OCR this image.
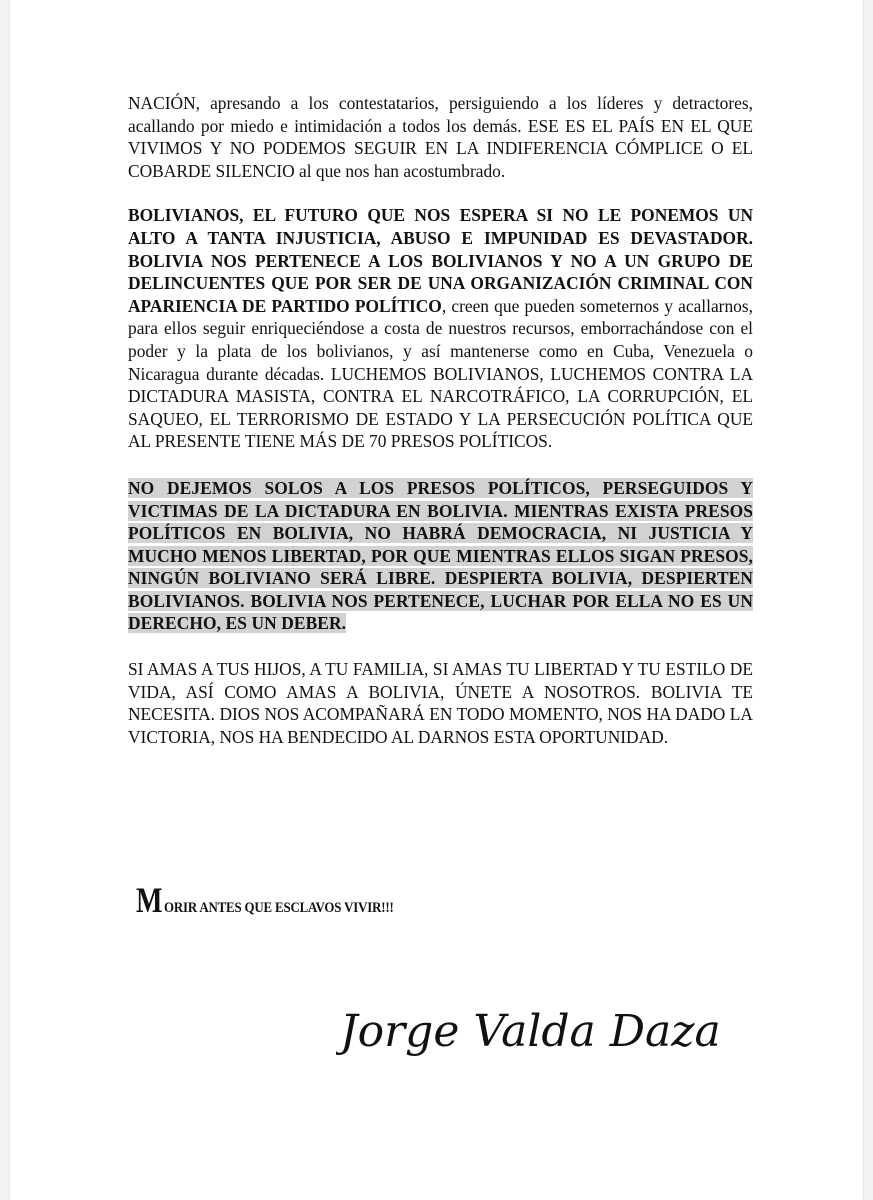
NACIÓN, apresando a los contestatarios, persiguiendo a los líderes y detractores, acallando por miedo e intimidación a todos los demás. ESE ES EL PAÍS EN EL QUE VIVIMOS Y NO PODEMOS SEGUIR EN LA INDIFERENCIA CÓMPLICE O EL COBARDE SILENCIO al que nos han acostumbrado.

BOLIVIANOS, EL FUTURO QUE NOS ESPERA SI NO LE PONEMOS UN ALTO A TANTA INJUSTICIA, ABUSO E IMPUNIDAD ES DEVASTADOR. BOLIVIA NOS PERTENECE A LOS BOLIVIANOS Y NO A UN GRUPO DE DELINCUENTES QUE POR SER DE UNA ORGANIZACIÓN CRIMINAL CON APARIENCIA DE PARTIDO POLÍTICO, creen que pueden someternos y acallarnos, para ellos seguir enriqueciéndose a costa de nuestros recursos, emborrachándose con el poder y la plata de los bolivianos, y así mantenerse como en Cuba, Venezuela o Nicaragua durante décadas. LUCHEMOS BOLIVIANOS, LUCHEMOS CONTRA LA DICTADURA MASISTA, CONTRA EL NARCOTRÁFICO, LA CORRUPCIÓN, EL SAQUEO, EL TERRORISMO DE ESTADO Y LA PERSECUCIÓN POLÍTICA QUE AL PRESENTE TIENE MÁS DE 70 PRESOS POLÍTICOS.

NO DEJEMOS SOLOS A LOS PRESOS POLÍTICOS, PERSEGUIDOS Y VICTIMAS DE LA DICTADURA EN BOLIVIA. MIENTRAS EXISTA PRESOS POLÍTICOS EN BOLIVIA, NO HABRÁ DEMOCRACIA, NI JUSTICIA Y MUCHO MENOS LIBERTAD, POR QUE MIENTRAS ELLOS SIGAN PRESOS, NINGÚN BOLIVIANO SERÁ LIBRE. DESPIERTA BOLIVIA, DESPIERTEN BOLIVIANOS. BOLIVIA NOS PERTENECE, LUCHAR POR ELLA NO ES UN DERECHO, ES UN DEBER.

SI AMAS A TUS HIJOS, A TU FAMILIA, SI AMAS TU LIBERTAD Y TU ESTILO DE VIDA, ASÍ COMO AMAS A BOLIVIA, ÚNETE A NOSOTROS. BOLIVIA TE NECESITA. DIOS NOS ACOMPAÑARÁ EN TODO MOMENTO, NOS HA DADO LA VICTORIA, NOS HA BENDECIDO AL DARNOS ESTA OPORTUNIDAD.

MORIR ANTES QUE ESCLAVOS VIVIR!!!
Jorge Valda Daza
